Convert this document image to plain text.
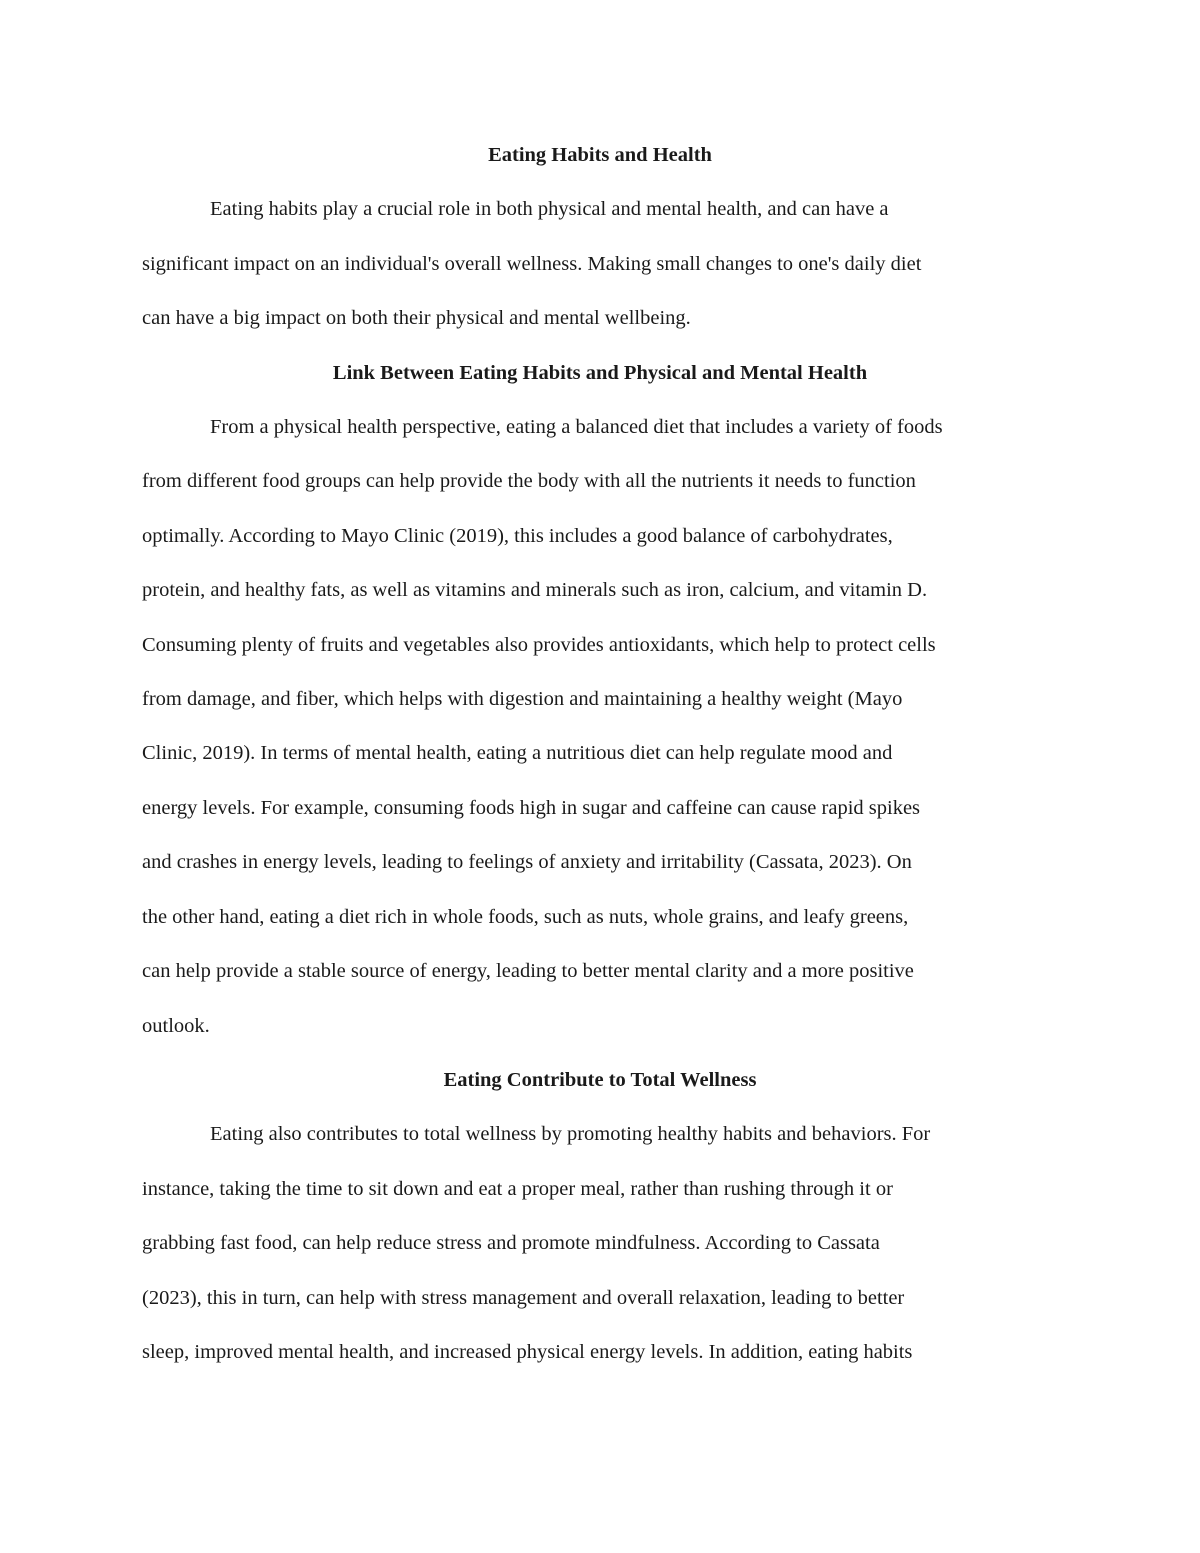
Eating Habits and Health
Eating habits play a crucial role in both physical and mental health, and can have a
significant impact on an individual's overall wellness. Making small changes to one's daily diet
can have a big impact on both their physical and mental wellbeing.
Link Between Eating Habits and Physical and Mental Health
From a physical health perspective, eating a balanced diet that includes a variety of foods
from different food groups can help provide the body with all the nutrients it needs to function
optimally. According to Mayo Clinic (2019), this includes a good balance of carbohydrates,
protein, and healthy fats, as well as vitamins and minerals such as iron, calcium, and vitamin D.
Consuming plenty of fruits and vegetables also provides antioxidants, which help to protect cells
from damage, and fiber, which helps with digestion and maintaining a healthy weight (Mayo
Clinic, 2019). In terms of mental health, eating a nutritious diet can help regulate mood and
energy levels. For example, consuming foods high in sugar and caffeine can cause rapid spikes
and crashes in energy levels, leading to feelings of anxiety and irritability (Cassata, 2023). On
the other hand, eating a diet rich in whole foods, such as nuts, whole grains, and leafy greens,
can help provide a stable source of energy, leading to better mental clarity and a more positive
outlook.
Eating Contribute to Total Wellness
Eating also contributes to total wellness by promoting healthy habits and behaviors. For
instance, taking the time to sit down and eat a proper meal, rather than rushing through it or
grabbing fast food, can help reduce stress and promote mindfulness. According to Cassata
(2023), this in turn, can help with stress management and overall relaxation, leading to better
sleep, improved mental health, and increased physical energy levels. In addition, eating habits
